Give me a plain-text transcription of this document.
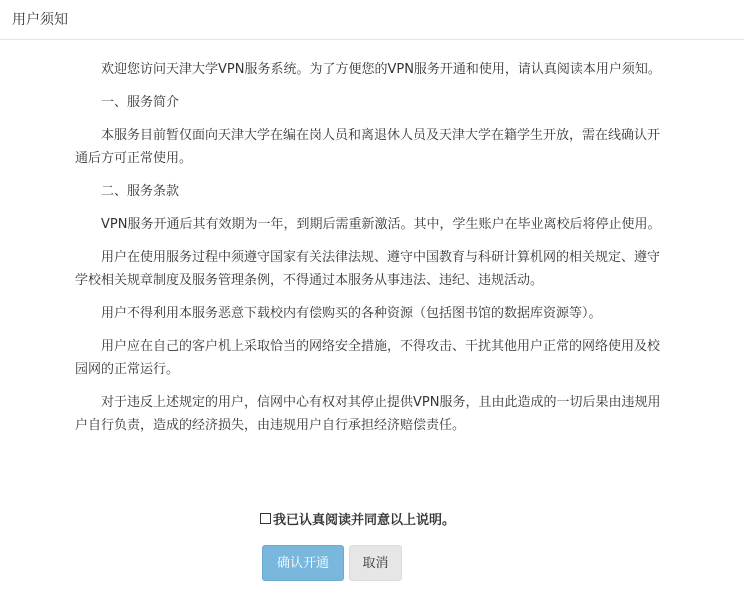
用户须知

欢迎您访问天津大学VPN服务系统。为了方便您的VPN服务开通和使用，请认真阅读本用户须知。

一、服务简介

本服务目前暂仅面向天津大学在编在岗人员和离退休人员及天津大学在籍学生开放，需在线确认开通后方可正常使用。

二、服务条款

VPN服务开通后其有效期为一年，到期后需重新激活。其中，学生账户在毕业离校后将停止使用。

用户在使用服务过程中须遵守国家有关法律法规、遵守中国教育与科研计算机网的相关规定、遵守学校相关规章制度及服务管理条例，不得通过本服务从事违法、违纪、违规活动。

用户不得利用本服务恶意下载校内有偿购买的各种资源（包括图书馆的数据库资源等）。

用户应在自己的客户机上采取恰当的网络安全措施，不得攻击、干扰其他用户正常的网络使用及校园网的正常运行。

对于违反上述规定的用户，信网中心有权对其停止提供VPN服务，且由此造成的一切后果由违规用户自行负责，造成的经济损失，由违规用户自行承担经济赔偿责任。

我已认真阅读并同意以上说明。
确认开通	取消
